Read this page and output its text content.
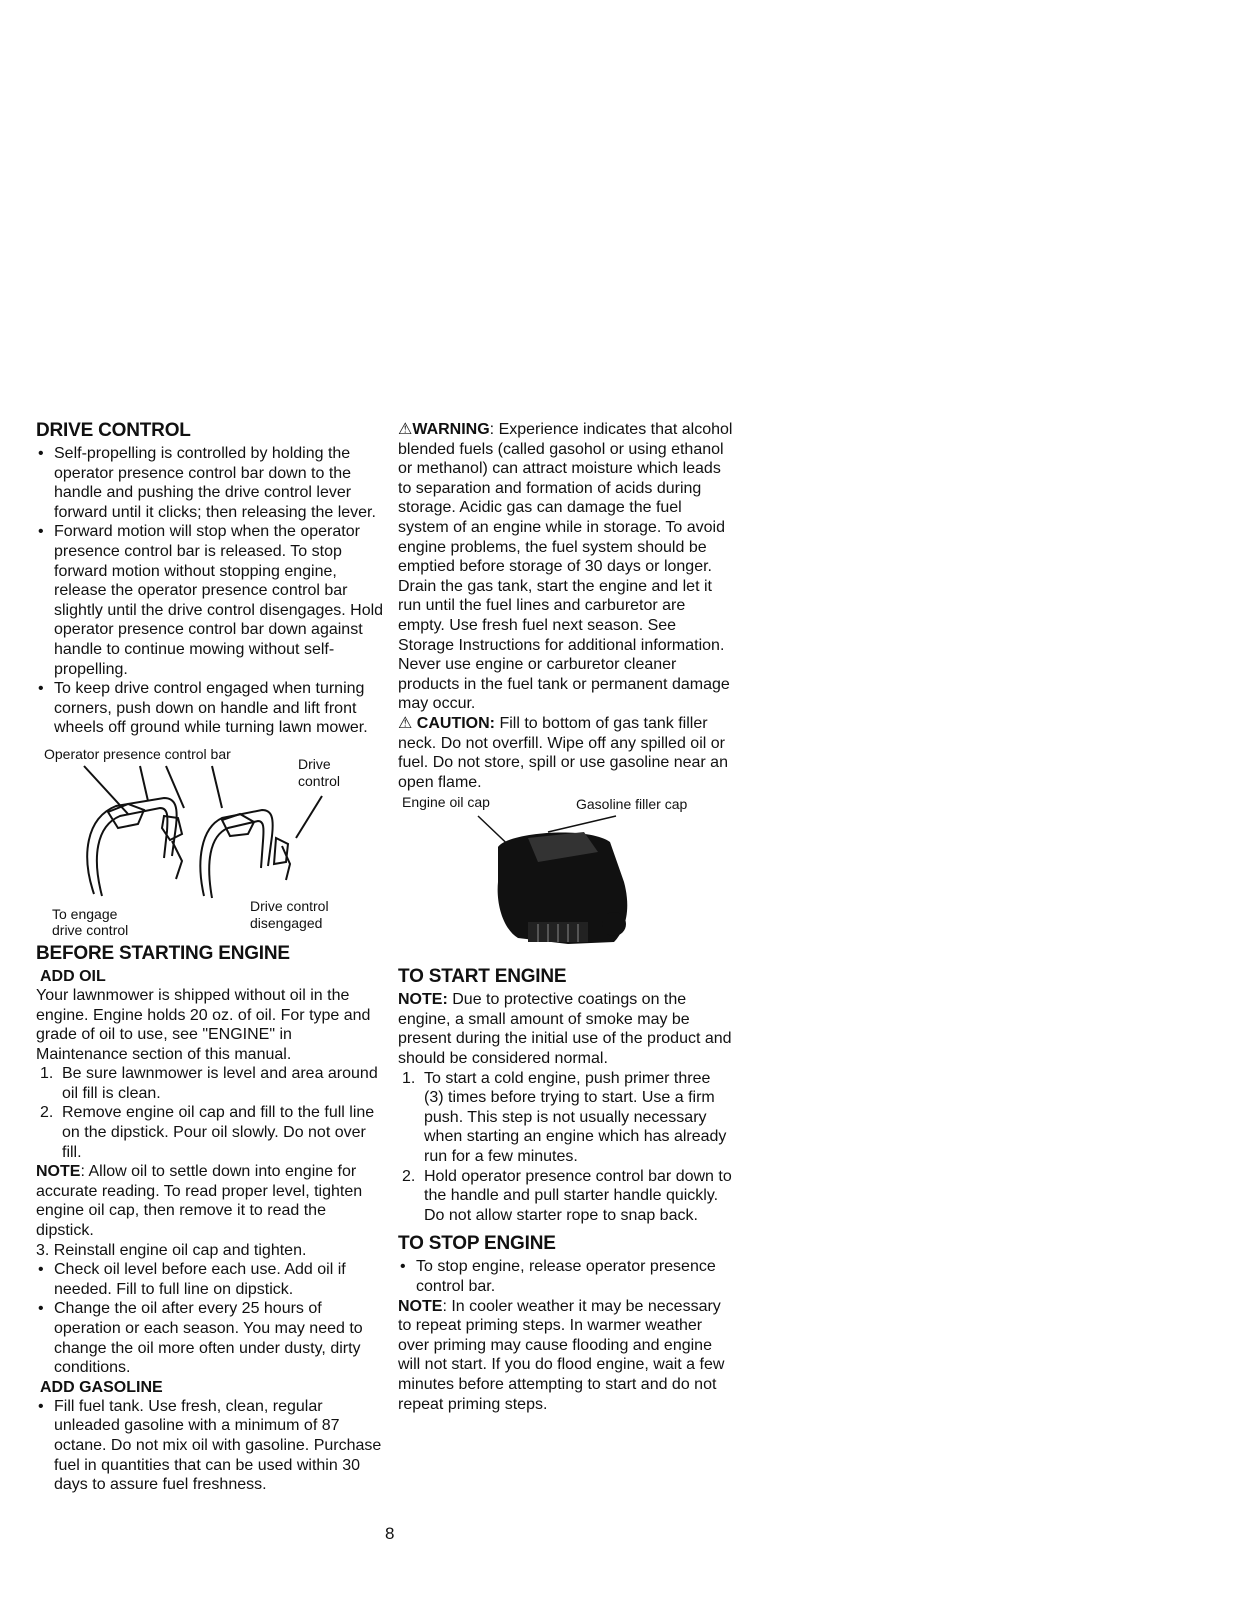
DRIVE CONTROL
• Self-propelling is controlled by holding the operator presence control bar down to the handle and pushing the drive control lever forward until it clicks; then releasing the lever.
• Forward motion will stop when the operator presence control bar is released. To stop forward motion without stopping engine, release the operator presence control bar slightly until the drive control disengages. Hold operator presence control bar down against handle to continue mowing without self-propelling.
• To keep drive control engaged when turning corners, push down on handle and lift front wheels off ground while turning lawn mower.
Operator presence control bar
Drive
control
To engage
drive control
Drive control
disengaged
BEFORE STARTING ENGINE
ADD OIL

Your lawnmower is shipped without oil in the engine. Engine holds 20 oz. of oil. For type and grade of oil to use, see "ENGINE" in Maintenance section of this manual.

1. Be sure lawnmower is level and area around oil fill is clean.
2. Remove engine oil cap and fill to the full line on the dipstick. Pour oil slowly. Do not over fill.

NOTE: Allow oil to settle down into engine for accurate reading. To read proper level, tighten engine oil cap, then remove it to read the dipstick.

3. Reinstall engine oil cap and tighten.

• Check oil level before each use. Add oil if needed. Fill to full line on dipstick.
• Change the oil after every 25 hours of operation or each season. You may need to change the oil more often under dusty, dirty conditions.
ADD GASOLINE
• Fill fuel tank. Use fresh, clean, regular unleaded gasoline with a minimum of 87 octane. Do not mix oil with gasoline. Purchase fuel in quantities that can be used within 30 days to assure fuel freshness.

⚠WARNING: Experience indicates that alcohol blended fuels (called gasohol or using ethanol or methanol) can attract moisture which leads to separation and formation of acids during storage. Acidic gas can damage the fuel system of an engine while in storage. To avoid engine problems, the fuel system should be emptied before storage of 30 days or longer. Drain the gas tank, start the engine and let it run until the fuel lines and carburetor are empty. Use fresh fuel next season. See Storage Instructions for additional information. Never use engine or carburetor cleaner products in the fuel tank or permanent damage may occur.

⚠ CAUTION: Fill to bottom of gas tank filler neck. Do not overfill. Wipe off any spilled oil or fuel. Do not store, spill or use gasoline near an open flame.

Engine oil cap	Gasoline filler cap
TO START ENGINE

NOTE: Due to protective coatings on the engine, a small amount of smoke may be present during the initial use of the product and should be considered normal.

1. To start a cold engine, push primer three (3) times before trying to start. Use a firm push. This step is not usually necessary when starting an engine which has already run for a few minutes.
2. Hold operator presence control bar down to the handle and pull starter handle quickly. Do not allow starter rope to snap back.
TO STOP ENGINE
• To stop engine, release operator presence control bar.

NOTE: In cooler weather it may be necessary to repeat priming steps. In warmer weather over priming may cause flooding and engine will not start. If you do flood engine, wait a few minutes before attempting to start and do not repeat priming steps.

8
